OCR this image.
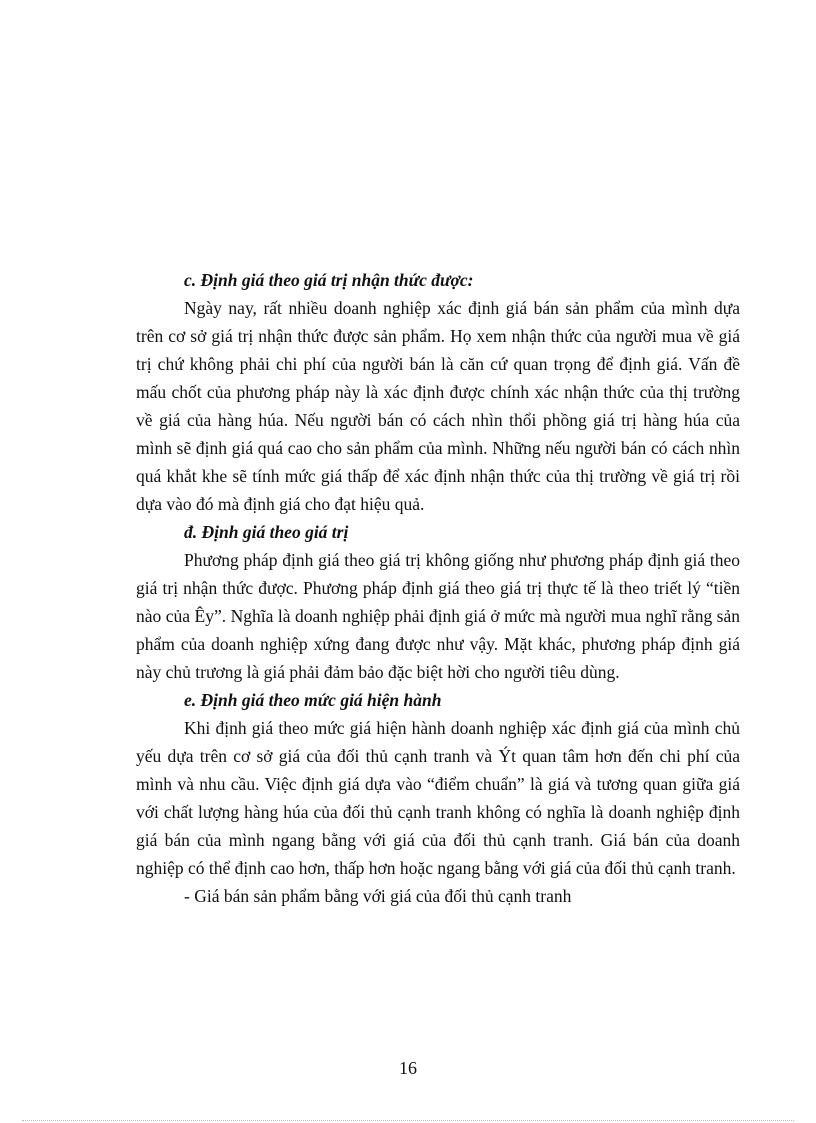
c. Định giá theo giá trị nhận thức được:

Ngày nay, rất nhiều doanh nghiệp xác định giá bán sản phẩm của mình dựa trên cơ sở giá trị nhận thức được sản phẩm. Họ xem nhận thức của người mua về giá trị chứ không phải chi phí của người bán là căn cứ quan trọng để định giá. Vấn đề mấu chốt của phương pháp này là xác định được chính xác nhận thức của thị trường về giá của hàng húa. Nếu người bán có cách nhìn thổi phồng giá trị hàng húa của mình sẽ định giá quá cao cho sản phẩm của mình. Những nếu người bán có cách nhìn quá khắt khe sẽ tính mức giá thấp để xác định nhận thức của thị trường về giá trị rồi dựa vào đó mà định giá cho đạt hiệu quả.

đ. Định giá theo giá trị

Phương pháp định giá theo giá trị không giống như phương pháp định giá theo giá trị nhận thức được. Phương pháp định giá theo giá trị thực tế là theo triết lý “tiền nào của Êy”. Nghĩa là doanh nghiệp phải định giá ở mức mà người mua nghĩ rằng sản phẩm của doanh nghiệp xứng đang được như vậy. Mặt khác, phương pháp định giá này chủ trương là giá phải đảm bảo đặc biệt hời cho người tiêu dùng.

e. Định giá theo mức giá hiện hành

Khi định giá theo mức giá hiện hành doanh nghiệp xác định giá của mình chủ yếu dựa trên cơ sở giá của đối thủ cạnh tranh và Ýt quan tâm hơn đến chi phí của mình và nhu cầu. Việc định giá dựa vào “điểm chuẩn” là giá và tương quan giữa giá với chất lượng hàng húa của đối thủ cạnh tranh không có nghĩa là doanh nghiệp định giá bán của mình ngang bằng với giá của đối thủ cạnh tranh. Giá bán của doanh nghiệp có thể định cao hơn, thấp hơn hoặc ngang bằng với giá của đối thủ cạnh tranh.

- Giá bán sản phẩm bằng với giá của đối thủ cạnh tranh

16
